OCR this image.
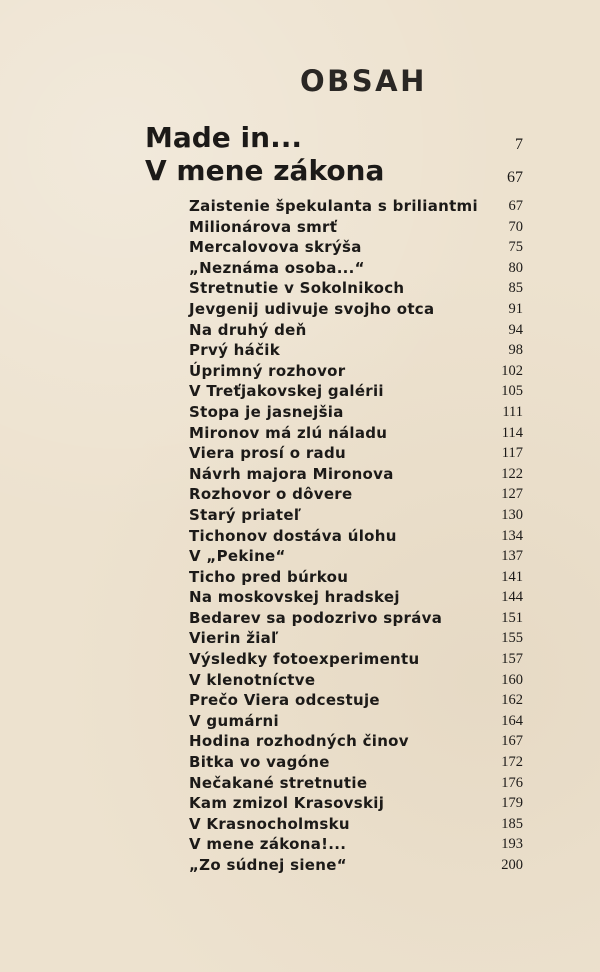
OBSAH
Made in...	7
V mene zákona	67
Zaistenie špekulanta s briliantmi 67
Milionárova smrť	70
Mercalovova skrýša	75
„Neznáma osoba...“	80
Stretnutie v Sokolnikoch	85
Jevgenij udivuje svojho otca	91
Na druhý deň	94
Prvý háčik	98
Úprimný rozhovor	102
V Treťjakovskej galérii	105
Stopa je jasnejšia	111
Mironov má zlú náladu	114
Viera prosí o radu	117
Návrh majora Mironova	122
Rozhovor o dôvere	127
Starý priateľ	130
Tichonov dostáva úlohu	134
V „Pekine“	137
Ticho pred búrkou	141
Na moskovskej hradskej	144
Bedarev sa podozrivo správa	151
Vierin žiaľ	155
Výsledky fotoexperimentu	157
V klenotníctve	160
Prečo Viera odcestuje	162
V gumárni	164
Hodina rozhodných činov	167
Bitka vo vagóne	172
Nečakané stretnutie	176
Kam zmizol Krasovskij	179
V Krasnocholmsku	185
V mene zákona!...	193
„Zo súdnej siene“	200
